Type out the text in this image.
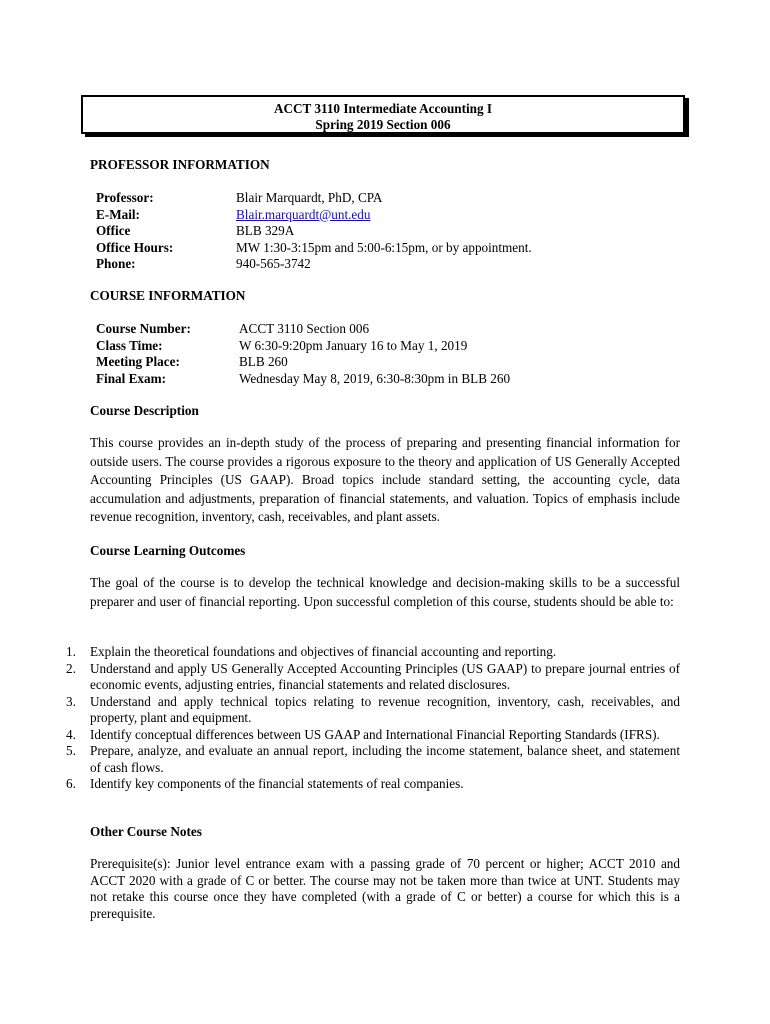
ACCT 3110 Intermediate Accounting I
Spring 2019 Section 006
PROFESSOR INFORMATION
Professor:	Blair Marquardt, PhD, CPA
E-Mail:	Blair.marquardt@unt.edu
Office	BLB 329A
Office Hours:	MW 1:30-3:15pm and 5:00-6:15pm, or by appointment.
Phone:	940-565-3742
COURSE INFORMATION
Course Number:	ACCT 3110 Section 006
Class Time:	W 6:30-9:20pm January 16 to May 1, 2019
Meeting Place:	BLB 260
Final Exam:	Wednesday May 8, 2019, 6:30-8:30pm in BLB 260
Course Description
This course provides an in-depth study of the process of preparing and presenting financial information for outside users. The course provides a rigorous exposure to the theory and application of US Generally Accepted Accounting Principles (US GAAP). Broad topics include standard setting, the accounting cycle, data accumulation and adjustments, preparation of financial statements, and valuation. Topics of emphasis include revenue recognition, inventory, cash, receivables, and plant assets.
Course Learning Outcomes
The goal of the course is to develop the technical knowledge and decision-making skills to be a successful preparer and user of financial reporting. Upon successful completion of this course, students should be able to:
1.	Explain the theoretical foundations and objectives of financial accounting and reporting.
2.	Understand and apply US Generally Accepted Accounting Principles (US GAAP) to prepare journal entries of economic events, adjusting entries, financial statements and related disclosures.
3.	Understand and apply technical topics relating to revenue recognition, inventory, cash, receivables, and property, plant and equipment.
4.	Identify conceptual differences between US GAAP and International Financial Reporting Standards (IFRS).
5.	Prepare, analyze, and evaluate an annual report, including the income statement, balance sheet, and statement of cash flows.
6.	Identify key components of the financial statements of real companies.
Other Course Notes
Prerequisite(s): Junior level entrance exam with a passing grade of 70 percent or higher; ACCT 2010 and ACCT 2020 with a grade of C or better. The course may not be taken more than twice at UNT. Students may not retake this course once they have completed (with a grade of C or better) a course for which this is a prerequisite.
